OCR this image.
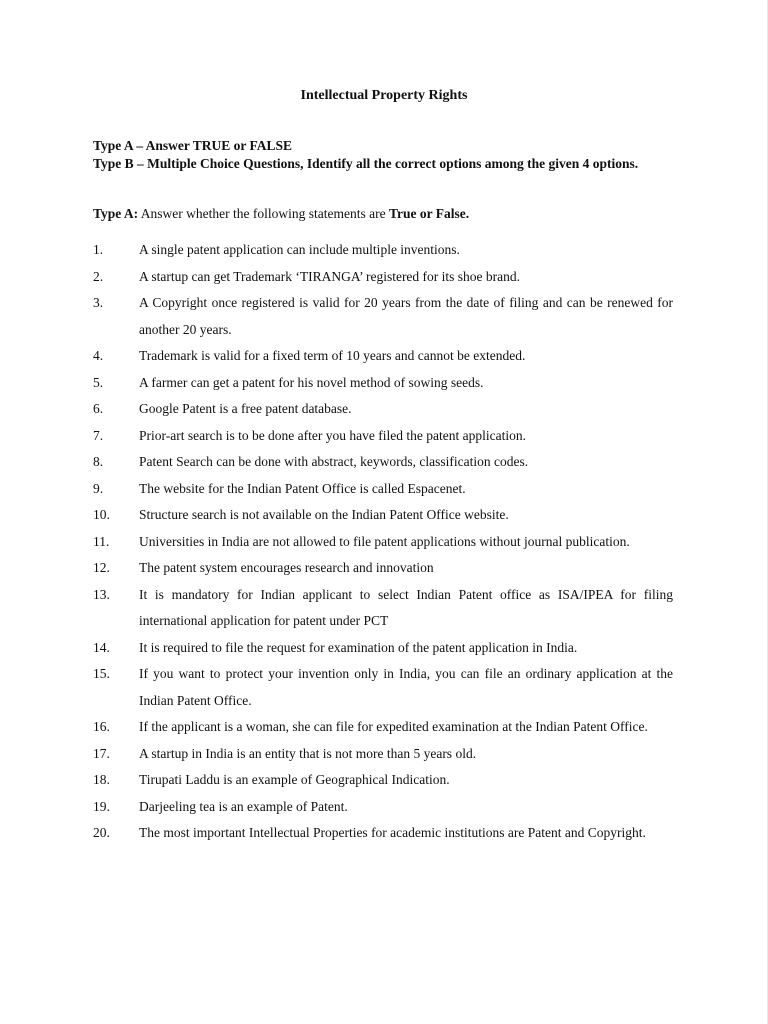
Intellectual Property Rights
Type A – Answer TRUE or FALSE
Type B – Multiple Choice Questions, Identify all the correct options among the given 4 options.
Type A: Answer whether the following statements are True or False.
1.	A single patent application can include multiple inventions.
2.	A startup can get Trademark ‘TIRANGA’ registered for its shoe brand.
3.	A Copyright once registered is valid for 20 years from the date of filing and can be renewed for another 20 years.
4.	Trademark is valid for a fixed term of 10 years and cannot be extended.
5.	A farmer can get a patent for his novel method of sowing seeds.
6.	Google Patent is a free patent database.
7.	Prior-art search is to be done after you have filed the patent application.
8.	Patent Search can be done with abstract, keywords, classification codes.
9.	The website for the Indian Patent Office is called Espacenet.
10.	Structure search is not available on the Indian Patent Office website.
11.	Universities in India are not allowed to file patent applications without journal publication.
12.	The patent system encourages research and innovation
13.	It is mandatory for Indian applicant to select Indian Patent office as ISA/IPEA for filing international application for patent under PCT
14.	It is required to file the request for examination of the patent application in India.
15.	If you want to protect your invention only in India, you can file an ordinary application at the Indian Patent Office.
16.	If the applicant is a woman, she can file for expedited examination at the Indian Patent Office.
17.	A startup in India is an entity that is not more than 5 years old.
18.	Tirupati Laddu is an example of Geographical Indication.
19.	Darjeeling tea is an example of Patent.
20.	The most important Intellectual Properties for academic institutions are Patent and Copyright.
